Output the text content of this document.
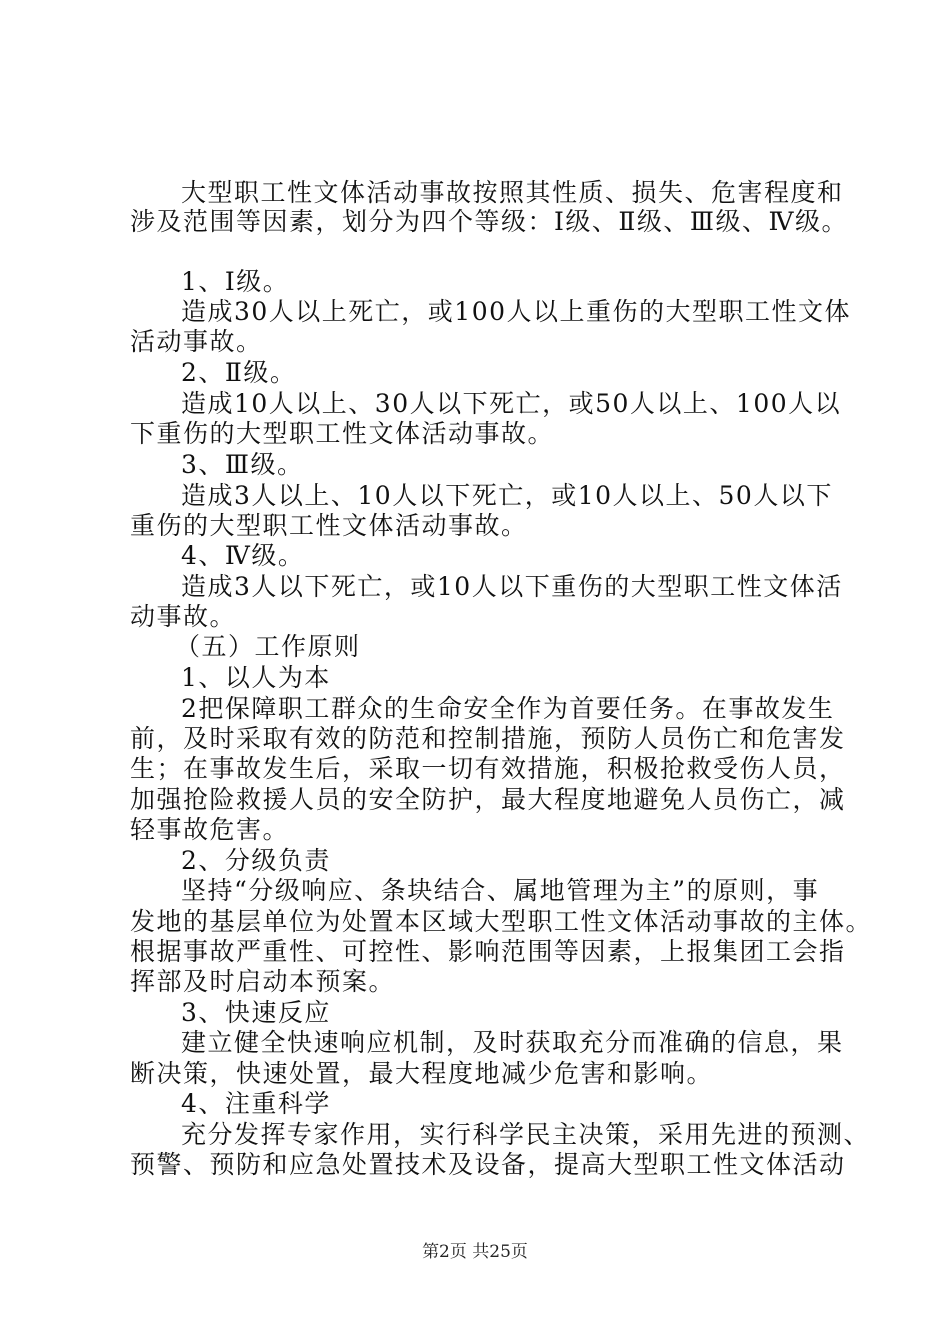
大型职工性文体活动事故按照其性质、损失、危害程度和

涉及范围等因素，划分为四个等级：Ⅰ级、Ⅱ级、Ⅲ级、Ⅳ级。

1、Ⅰ级。

造成30人以上死亡，或100人以上重伤的大型职工性文体

活动事故。

2、Ⅱ级。

造成10人以上、30人以下死亡，或50人以上、100人以

下重伤的大型职工性文体活动事故。

3、Ⅲ级。

造成3人以上、10人以下死亡，或10人以上、50人以下

重伤的大型职工性文体活动事故。

4、Ⅳ级。

造成3人以下死亡，或10人以下重伤的大型职工性文体活

动事故。

（五）工作原则

1、以人为本

2把保障职工群众的生命安全作为首要任务。在事故发生

前，及时采取有效的防范和控制措施，预防人员伤亡和危害发

生；在事故发生后，采取一切有效措施，积极抢救受伤人员，

加强抢险救援人员的安全防护，最大程度地避免人员伤亡，减

轻事故危害。

2、分级负责

坚持“分级响应、条块结合、属地管理为主”的原则，事

发地的基层单位为处置本区域大型职工性文体活动事故的主体。

根据事故严重性、可控性、影响范围等因素，上报集团工会指

挥部及时启动本预案。

3、快速反应

建立健全快速响应机制，及时获取充分而准确的信息，果

断决策，快速处置，最大程度地减少危害和影响。

4、注重科学

充分发挥专家作用，实行科学民主决策，采用先进的预测、

预警、预防和应急处置技术及设备，提高大型职工性文体活动

第2页 共25页
